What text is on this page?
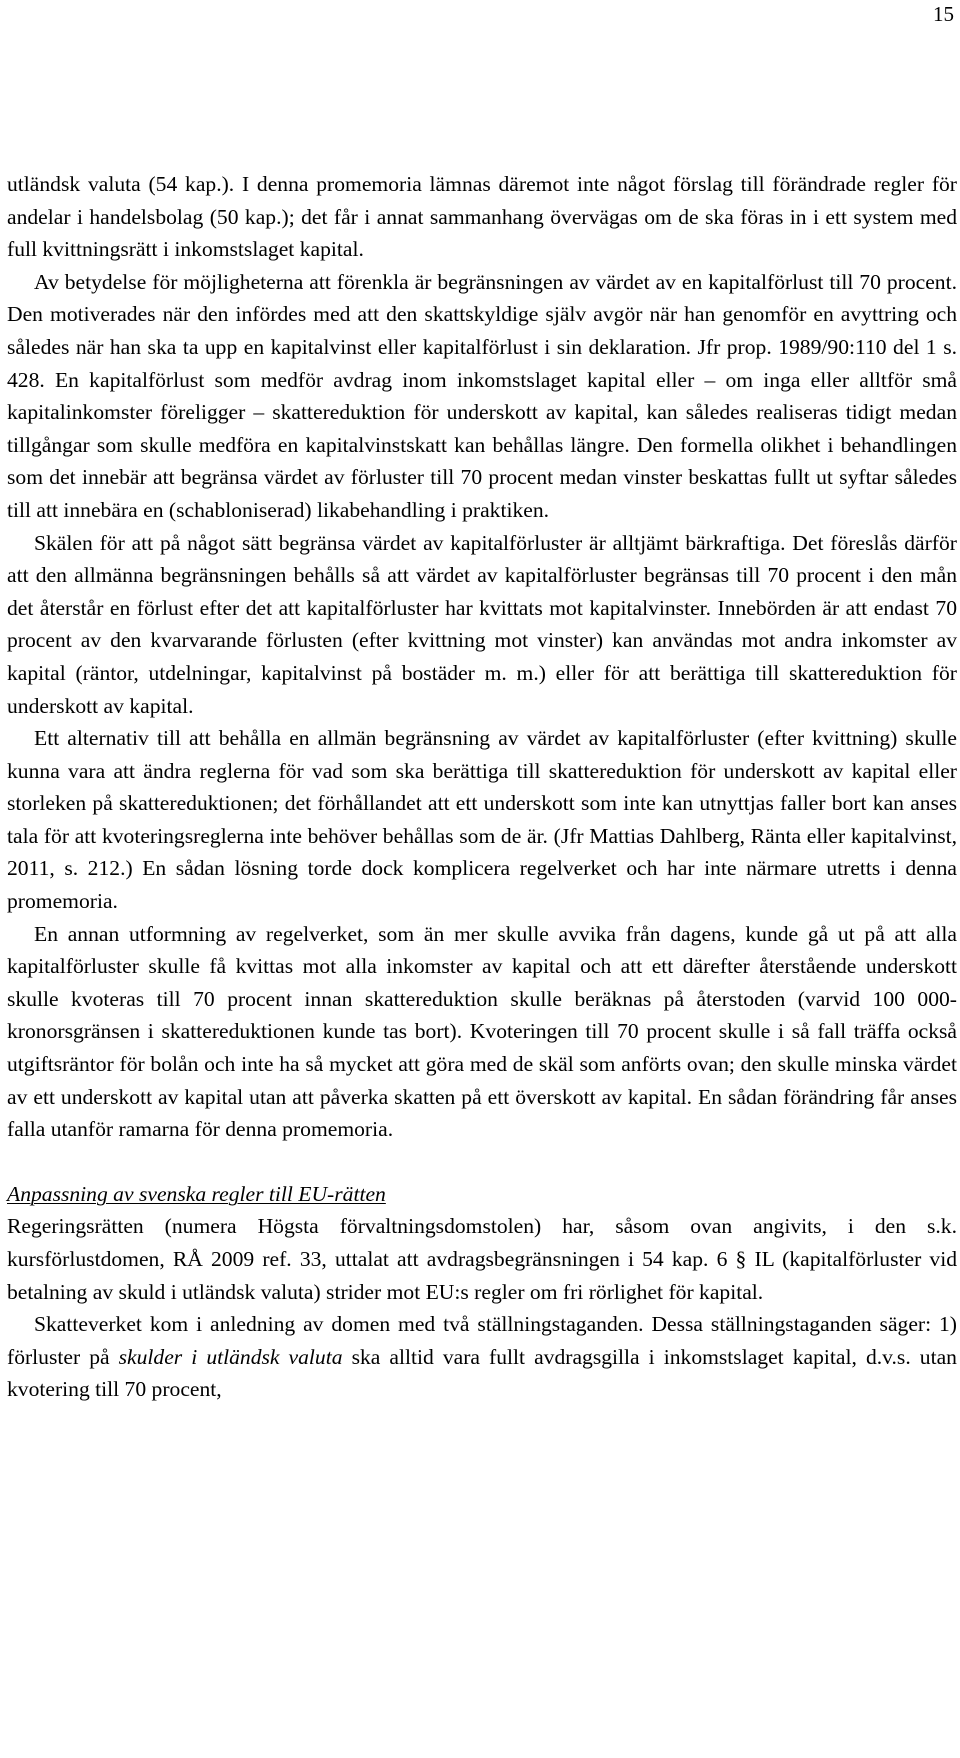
15

utländsk valuta (54 kap.). I denna promemoria lämnas däremot inte något förslag till förändrade regler för andelar i handelsbolag (50 kap.); det får i annat sammanhang övervägas om de ska föras in i ett system med full kvittningsrätt i inkomstslaget kapital.

Av betydelse för möjligheterna att förenkla är begränsningen av värdet av en kapitalförlust till 70 procent. Den motiverades när den infördes med att den skattskyldige själv avgör när han genomför en avyttring och således när han ska ta upp en kapitalvinst eller kapitalförlust i sin deklaration. Jfr prop. 1989/90:110 del 1 s. 428. En kapitalförlust som medför avdrag inom inkomstslaget kapital eller – om inga eller alltför små kapitalinkomster föreligger – skattereduktion för underskott av kapital, kan således realiseras tidigt medan tillgångar som skulle medföra en kapitalvinstskatt kan behållas längre. Den formella olikhet i behandlingen som det innebär att begränsa värdet av förluster till 70 procent medan vinster beskattas fullt ut syftar således till att innebära en (schabloniserad) likabehandling i praktiken.

Skälen för att på något sätt begränsa värdet av kapitalförluster är alltjämt bärkraftiga. Det föreslås därför att den allmänna begränsningen behålls så att värdet av kapitalförluster begränsas till 70 procent i den mån det återstår en förlust efter det att kapitalförluster har kvittats mot kapitalvinster. Innebörden är att endast 70 procent av den kvarvarande förlusten (efter kvittning mot vinster) kan användas mot andra inkomster av kapital (räntor, utdelningar, kapitalvinst på bostäder m. m.) eller för att berättiga till skattereduktion för underskott av kapital.

Ett alternativ till att behålla en allmän begränsning av värdet av kapitalförluster (efter kvittning) skulle kunna vara att ändra reglerna för vad som ska berättiga till skattereduktion för underskott av kapital eller storleken på skattereduktionen; det förhållandet att ett underskott som inte kan utnyttjas faller bort kan anses tala för att kvoteringsreglerna inte behöver behållas som de är. (Jfr Mattias Dahlberg, Ränta eller kapitalvinst, 2011, s. 212.) En sådan lösning torde dock komplicera regelverket och har inte närmare utretts i denna promemoria.

En annan utformning av regelverket, som än mer skulle avvika från dagens, kunde gå ut på att alla kapitalförluster skulle få kvittas mot alla inkomster av kapital och att ett därefter återstående underskott skulle kvoteras till 70 procent innan skattereduktion skulle beräknas på återstoden (varvid 100 000-kronorsgränsen i skattereduktionen kunde tas bort). Kvoteringen till 70 procent skulle i så fall träffa också utgiftsräntor för bolån och inte ha så mycket att göra med de skäl som anförts ovan; den skulle minska värdet av ett underskott av kapital utan att påverka skatten på ett överskott av kapital. En sådan förändring får anses falla utanför ramarna för denna promemoria.

Anpassning av svenska regler till EU-rätten

Regeringsrätten (numera Högsta förvaltningsdomstolen) har, såsom ovan angivits, i den s.k. kursförlustdomen, RÅ 2009 ref. 33, uttalat att avdragsbegränsningen i 54 kap. 6 § IL (kapitalförluster vid betalning av skuld i utländsk valuta) strider mot EU:s regler om fri rörlighet för kapital.

Skatteverket kom i anledning av domen med två ställningstaganden. Dessa ställningstaganden säger: 1) förluster på skulder i utländsk valuta ska alltid vara fullt avdragsgilla i inkomstslaget kapital, d.v.s. utan kvotering till 70 procent,
